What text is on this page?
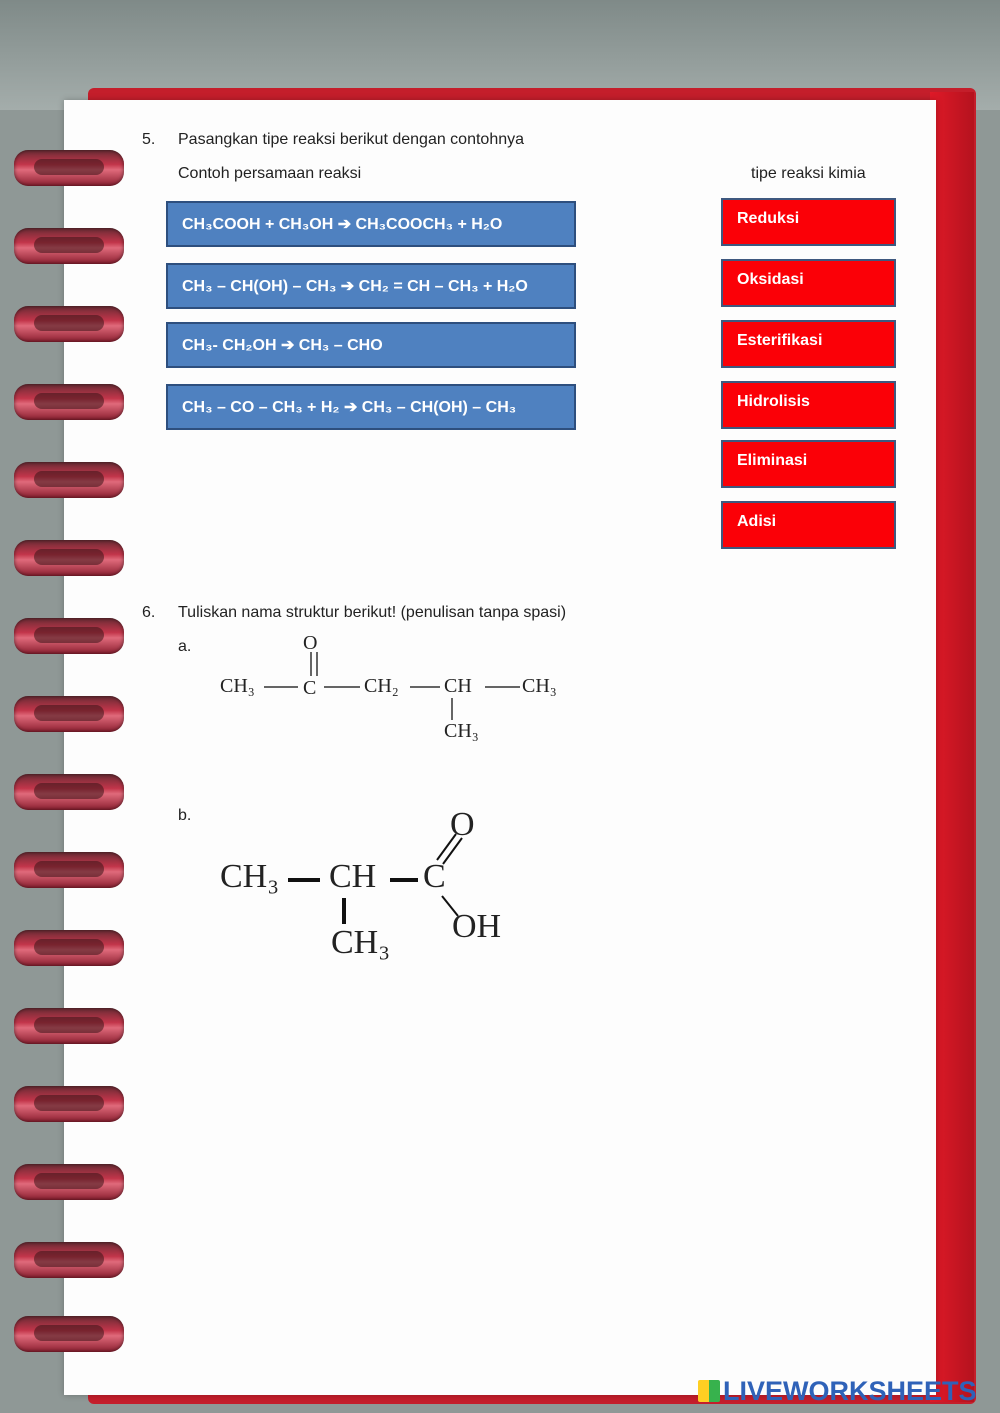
5. Pasangkan tipe reaksi berikut dengan contohnya
Contoh persamaan reaksi	tipe reaksi kimia
CH₃COOH + CH₃OH ➔ CH₃COOCH₃ + H₂O
CH₃ – CH(OH) – CH₃ ➔ CH₂ = CH – CH₃ + H₂O
CH₃- CH₂OH ➔ CH₃ – CHO
CH₃ – CO – CH₃ + H₂ ➔ CH₃ – CH(OH) – CH₃
Reduksi
Oksidasi
Esterifikasi
Hidrolisis
Eliminasi
Adisi
6. Tuliskan nama struktur berikut! (penulisan tanpa spasi)
a.	O
CH₃ C CH₂ CH	CH₃
CH₃
b.	O
CH₃ CH C
OH
CH₃
LIVEWORKSHEETS
